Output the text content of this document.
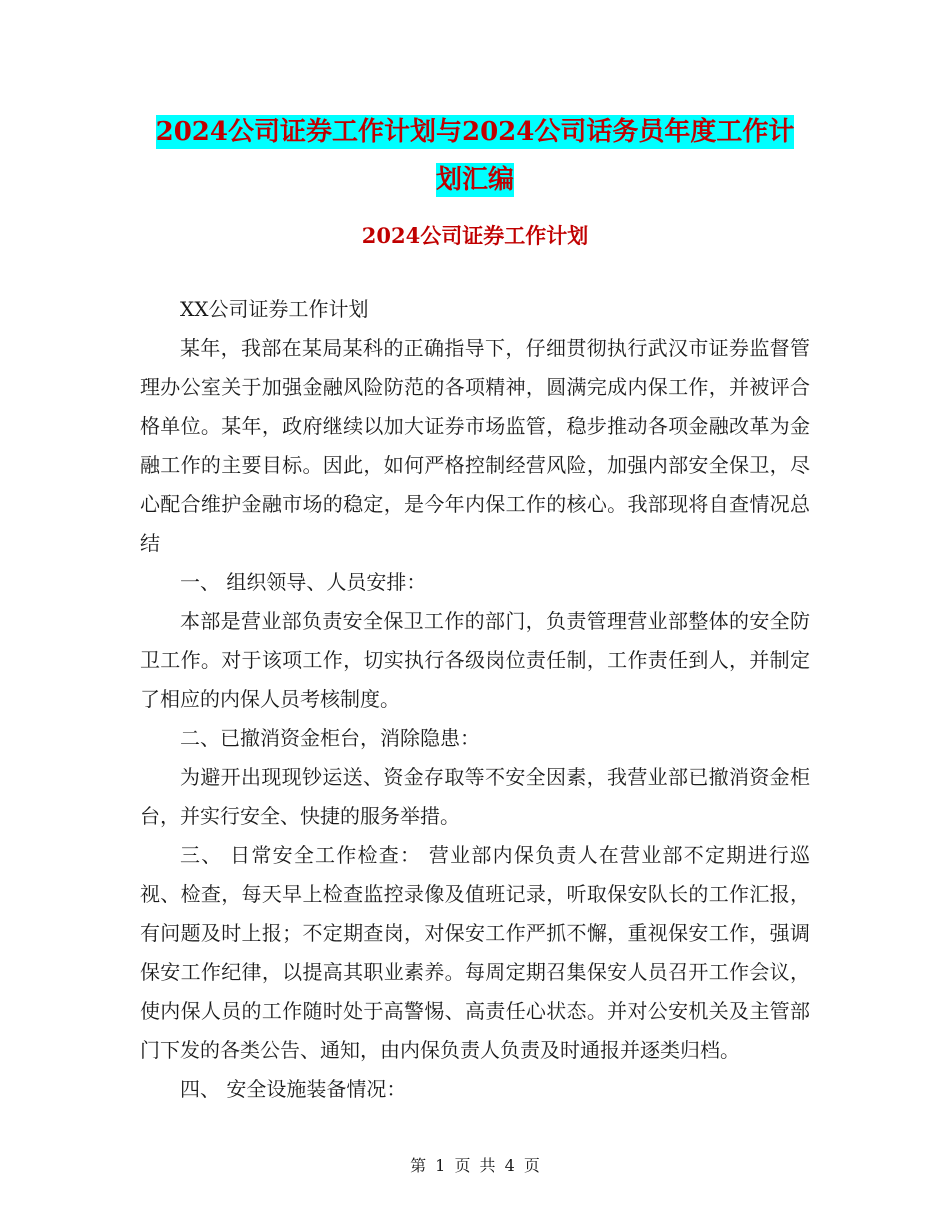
2024公司证券工作计划与2024公司话务员年度工作计
划汇编
2024公司证券工作计划

XX公司证券工作计划

某年，我部在某局某科的正确指导下，仔细贯彻执行武汉市证券监督管理办公室关于加强金融风险防范的各项精神，圆满完成内保工作，并被评合格单位。某年，政府继续以加大证券市场监管，稳步推动各项金融改革为金融工作的主要目标。因此，如何严格控制经营风险，加强内部安全保卫，尽心配合维护金融市场的稳定，是今年内保工作的核心。我部现将自查情况总结

一、 组织领导、人员安排：

本部是营业部负责安全保卫工作的部门，负责管理营业部整体的安全防卫工作。对于该项工作，切实执行各级岗位责任制，工作责任到人，并制定了相应的内保人员考核制度。

二、已撤消资金柜台，消除隐患：

为避开出现现钞运送、资金存取等不安全因素，我营业部已撤消资金柜台，并实行安全、快捷的服务举措。

三、 日常安全工作检查： 营业部内保负责人在营业部不定期进行巡视、检查，每天早上检查监控录像及值班记录，听取保安队长的工作汇报，有问题及时上报；不定期查岗，对保安工作严抓不懈，重视保安工作，强调保安工作纪律，以提高其职业素养。每周定期召集保安人员召开工作会议，使内保人员的工作随时处于高警惕、高责任心状态。并对公安机关及主管部门下发的各类公告、通知，由内保负责人负责及时通报并逐类归档。

四、 安全设施装备情况：

第 1 页 共 4 页
